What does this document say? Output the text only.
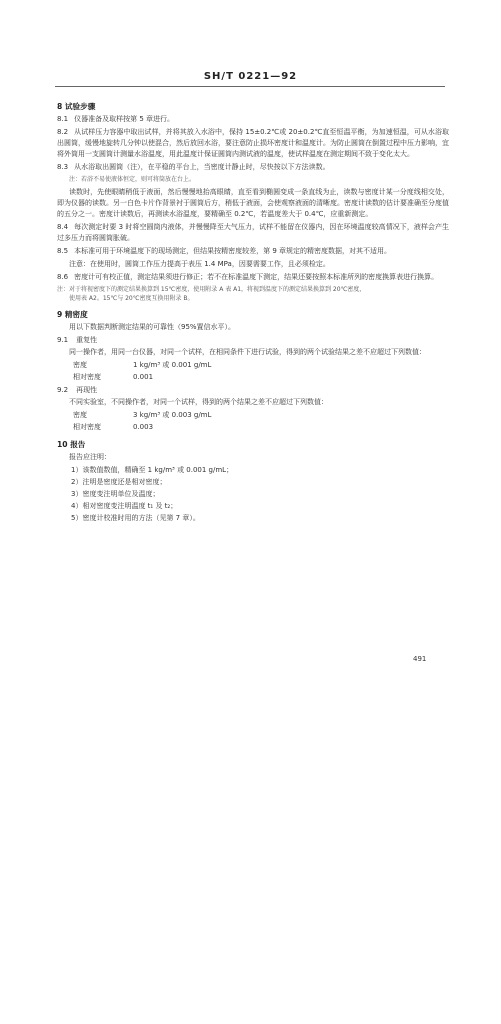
SH/T 0221—92
8 试验步骤
8.1 仪器准备及取样按第 5 章进行。
8.2 从试样压力容器中取出试样，并将其放入水浴中，保持 15±0.2℃或 20±0.2℃直至恒温平衡，为加速恒温，可从水浴取出圆筒，缓慢地旋转几分钟以使混合，然后放回水浴，要注意防止损坏密度计和温度计。为防止圆筒在倒置过程中压力影响，宜将外筒用一支圆筒计测量水浴温度，用此温度计保证圆筒内测试液的温度，使试样温度在测定期间不致于变化太大。
8.3 从水浴取出圆筒（注），在平稳的平台上，当密度计静止时，尽快按以下方法读数。
注：若浴不易使液体恒定，则可将筒放在台上。
读数时，先使眼睛稍低于液面，然后慢慢地抬高眼睛，直至看到椭圆变成一条直线为止，读数与密度计某一分度线相交处，即为仪器的读数。另一白色卡片作背景衬于圆筒后方，稍低于液面，会使观察液面的清晰度。密度计读数的估计要准确至分度值的五分之一。密度计读数后，再测读水浴温度，要精确至 0.2℃，若温度差大于 0.4℃，应重新测定。
8.4 每次测定时要 3 时将空圆筒内液体，并慢慢降至大气压力，试样不能留在仪器内，因在环境温度较高情况下，液样会产生过多压力而将圆筒胀破。
8.5 本标准可用于环境温度下的现场测定，但结果按精密度较差，第 9 章规定的精密度数据，对其不适用。
注意：在使用时，圆筒工作压力提高于表压 1.4 MPa，因要需要工作，且必须检定。
8.6 密度计可有校正值，测定结果须进行修正；若不在标准温度下测定，结果还要按照本标准所列的密度换算表进行换算。
注：对于将视密度下的测定结果换算到 15℃密度，使用附录 A 表 A1，将视到温度下的测定结果换算到 20℃密度，
使用表 A2。15℃与 20℃密度互换用附录 B。
9 精密度
用以下数据判断测定结果的可靠性（95%置信水平）。
9.1 重复性
同一操作者，用同一台仪器，对同一个试样，在相同条件下进行试验，得到的两个试验结果之差不应超过下列数值：
密度	1 kg/m³ 或 0.001 g/mL
相对密度	0.001
9.2 再现性
不同实验室，不同操作者，对同一个试样，得到的两个结果之差不应超过下列数值：
密度	3 kg/m³ 或 0.003 g/mL
相对密度	0.003
10 报告
报告应注明：
1）该数值数值，精确至 1 kg/m³ 或 0.001 g/mL；
2）注明是密度还是相对密度；
3）密度变注明单位及温度；
4）相对密度变注明温度 t₁ 及 t₂；
5）密度计校准时用的方法（见第 7 章）。
491
